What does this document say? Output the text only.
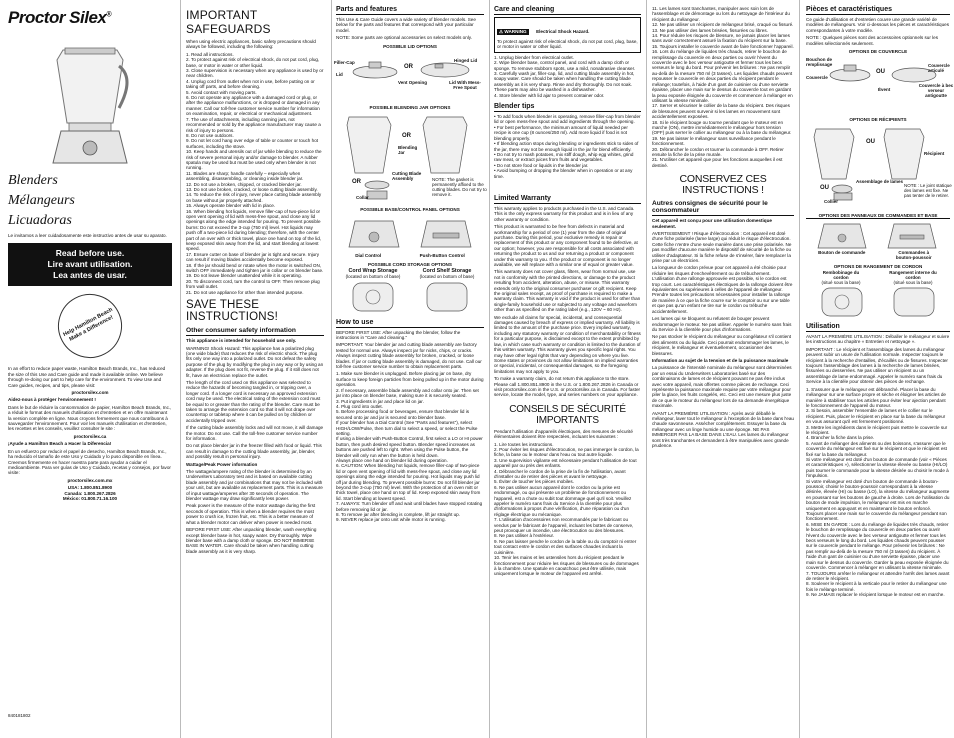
Proctor Silex®
Blenders
Mélangeurs
Licuadoras

Le invitamos a leer cuidadosamente este instructivo antes de usar su aparato.

Read before use.
Lire avant utilisation.
Lea antes de usar.
Help Hamilton Beach Make a Difference!

In an effort to reduce paper waste, Hamilton Beach Brands, Inc., has reduced the size of this Use and Care guide and made it available online. We believe through re-doing our part to help care for the environment. To view Use and Care guides, recipes, and tips, please visit:

proctorsilex.com

Aidez-nous à protéger l'environnement !

Dans le but de réduire la consommation de papier, Hamilton Beach Brands, Inc., a réduit le format des manuels d'utilisation et d'entretien et en offre maintenant la version complète en ligne. Nous croyons fermement que nous contribuons à sauvegarder l'environnement. Pour voir les manuels d'utilisation et d'entretien, les recettes et les conseils, veuillez consulter le site :

proctorsilex.ca

¡Ayude a Hamilton Beach a Hacer la Diferencia!

En un esfuerzo por reducir el papel de desecho, Hamilton Beach Brands, Inc., ha reducido el tamaño de este Uso y Cuidado y lo puso disponible en línea. Creemos firmemente en hacer nuestra parte para ayudar a cuidar el medioambiente. Para ver guías de Uso y Cuidado, recetas y consejos, por favor visite:

proctorsilex.com.mx

USA: 1.800.851.8900

Canada: 1.800.267.2826

México: 01.800.71.16.100

840181802
IMPORTANT SAFEGUARDS

When using electric appliances, basic safety precautions should always be followed, including the following:

1. Read all instructions.

2. To protect against risk of electrical shock, do not put cord, plug, base, or motor in water or other liquid.

3. Close supervision is necessary when any appliance is used by or near children.

4. Unplug cord from outlet when not in use, before putting on or taking off parts, and before cleaning.

5. Avoid contact with moving parts.

6. Do not operate any appliance with a damaged cord or plug, or after the appliance malfunctions, or is dropped or damaged in any manner. Call our toll-free customer service number for information on examination, repair, or electrical or mechanical adjustment.

7. The use of attachments, including canning jars, not recommended or sold by the appliance manufacturer may cause a risk of injury to persons.

8. Do not use outdoors.

9. Do not let cord hang over edge of table or counter or touch hot surfaces, including the stove.

10. Keep hands and utensils out of jar while blending to reduce the risk of severe personal injury and/or damage to blender. A rubber spatula may be used but must be used only when blender is not running.

11. Blades are sharp; handle carefully – especially when assembling, disassembling, or cleaning inside blender jar.

12. Do not use a broken, chipped, or cracked blender jar.

13. Do not use broken, cracked, or loose cutting blade assembly.

14. To reduce the risk of injury, never place cutting blade assembly on base without jar properly attached.

15. Always operate blender with lid in place.

16. When blending hot liquids, remove filler-cap of two-piece lid or open vent opening of lid with mess-free spout, and close any lid openings along the edge intended for pouring. To prevent possible burns: Do not exceed the 3-cup (750 ml) level. Hot liquids may push off a two-piece lid during blending; therefore, with the center part of an over with or thick towel, place one hand on top of the lid, keep exposed skin away from the lid, and start blending at lowest speed.

17. Ensure cutter on base of blender jar is tight and secure. Injury can result if moving blades accidentally become exposed.

18. If the jar should bend or rotate when the motor is switched ON, switch OFF immediately and tighten jar in collar or on blender base.

19. Do not leave blender unattended while it is operating.

20. To disconnect cord, turn the control to OFF. Then remove plug from wall outlet.

21. Do not use appliance for other than intended purpose.

SAVE THESE INSTRUCTIONS!
Other consumer safety information

This appliance is intended for household use only.

WARNING! Shock Hazard: This appliance has a polarized plug (one wide blade) that reduces the risk of electric shock. The plug fits only one way into a polarized outlet. Do not defeat the safety purpose of the plug by modifying the plug in any way or by using an adapter. If the plug does not fit, reverse the plug. If it still does not fit, have an electrician replace the outlet.

The length of the cord used on this appliance was selected to reduce the hazards of becoming tangled in, or tripping over, a longer cord. If a longer cord is necessary an approved extension cord may be used. The electrical rating of the extension cord must be equal to or greater than the rating of the blender. Care must be taken to arrange the extension cord so that it will not drape over countertop or tabletop where it can be pulled on by children or accidentally tripped over.

If the cutting blade assembly locks and will not move, it will damage the motor. Do not use. Call the toll-free customer service number for information.

Do not place blender jar in the freezer filled with food or liquid. This can result in damage to the cutting blade assembly, jar, blender, and possibly result in personal injury.

Wattage/Peak Power information

The wattage/ampere rating of the blender is determined by an Underwriters Laboratory test and is based on available cutting blade assembly and jar combinations that may not be included with your unit, but are available as replacement parts. This is a measure of input wattage/amperes after 30 seconds of operation. The blender wattage may draw significantly less power.

Peak power is the measure of the motor wattage during the first seconds of operation. This is when a blender requires the most power to crush ice, frozen fruit, etc. This is a better measure of what a blender motor can deliver when power is needed most.

BEFORE FIRST USE: After unpacking blender, wash everything except blender base in hot, soapy water. Dry thoroughly. Wipe blender base with a damp cloth or sponge. DO NOT IMMERSE BASE IN WATER. Care should be taken when handling cutting blade assembly as it is very sharp.

Parts and features

This Use & Care Guide covers a wide variety of blender models. See below for the parts and features that correspond with your particular model.

NOTE: Some parts are optional accessories on select models only.

POSSIBLE LID OPTIONS
Filler-Cap
Lid
OR
Hinged Lid
Vent Opening	Lid With Mess-Free Spout
POSSIBLE BLENDING JAR OPTIONS
OR
Blending Jar
Cutting Blade Assembly
OR
Collar
NOTE: The gasket is permanently affixed to the cutting blades. Do not try to remove it.
POSSIBLE BASE/CONTROL PANEL OPTIONS
Dial Control	Push-Button Control
POSSIBLE CORD STORAGE OPTIONS
Cord Wrap Storage
(located on bottom of base)
Cord Shelf Storage
(located on bottom of base)
How to use

BEFORE FIRST USE: After unpacking the blender, follow the instructions in "Care and cleaning."

IMPORTANT: Your blender jar and cutting blade assembly are factory tested for normal use. Always inspect jar for nicks, chips, or cracks. Always inspect cutting blade assembly for broken, cracked, or loose blades. If jar or cutting blade assembly is damaged, do not use. Call our toll-free customer service number to obtain replacement parts.

1. Make sure blender is unplugged. Before placing jar on base, dry surface to keep foreign particles from being pulled up in the motor during operation.

2. If necessary, assemble blade assembly and collar onto jar. Then set jar into place on blender base, making sure it is securely seated.

3. Put ingredients in jar and place lid on jar.

4. Plug cord into outlet.

5. Before processing food or beverages, ensure that blender lid is secured onto jar and jar is secured onto blender base.

If your blender has a Dial Control (See "Parts and features"), select HIGH/LOW/Pulse, then turn dial to select a speed, or select the Pulse setting.

If using a blender with Push-Button Control, first select a LO or HI power button, then push desired speed button. Blender speed increases as buttons are pushed left to right. When using the Pulse button, the blender will only run when the button is held down.

Always place one hand on blender lid during operation.

6. CAUTION: When blending hot liquids, remove filler-cap of two-piece lid or open vent opening of lid with mess-free spout, and close any lid openings along the edge intended for pouring. Hot liquids may push lid off jar during blending. To prevent possible burns: Do not fill blender jar beyond the 3-cup (750 ml) level. With the protection of an oven mitt or thick towel, place one hand on top of lid. Keep exposed skin away from lid. Start blending at lowest speed.

7. ALWAYS: Turn blender off and wait until blades have stopped rotating before removing lid or jar.

8. To remove jar after blending is complete, lift jar straight up.

9. NEVER replace jar onto unit while motor is running.

Care and cleaning
⚠ WARNING Electrical Shock Hazard.

To protect against risk of electrical shock, do not put cord, plug, base, or motor in water or other liquid.

1. Unplug blender from electrical outlet.

2. Wipe blender base, control panel, and cord with a damp cloth or sponge. To remove stubborn spots, use a mild, nonabrasive cleanser.

3. Carefully wash jar, filler-cap, lid, and cutting blade assembly in hot, soapy water. Care should be taken when handling the cutting blade assembly as it is very sharp. Rinse and dry thoroughly. Do not soak. These parts may also be washed in a dishwasher.

4. Store blender with lid ajar to prevent container odor.

Blender tips

• To add foods when blender is operating, remove filler-cap from blender lid or open mess-free spout and add ingredients through the opening.

• For best performance, the minimum amount of liquid needed per recipe is one cup (8 ounces/250 ml). Add more liquid if food is not blending properly.

• If blending action stops during blending or ingredients stick to sides of the jar, there may not be enough liquid in the jar for blend efficiently.

• Do not try to mash potatoes, mix stiff dough, whip egg whites, grind raw meat, or extract juices from fruits and vegetables.

• Do not store food or liquids in the blender jar.

• Avoid bumping or dropping the blender when in operation or at any time.

Limited Warranty

This warranty applies to products purchased in the U.S. and Canada. This is the only express warranty for this product and is in lieu of any other warranty or condition.

This product is warranted to be free from defects in material and workmanship for a period of one (1) year from the date of original purchase. During this period, your exclusive remedy is repair or replacement of this product or any component found to be defective, at our option; however, you are responsible for all costs associated with returning the product to us and our returning a product or component under this warranty to you. If the product or component is no longer available, we will replace with a similar one of equal or greater value.

This warranty does not cover glass, filters, wear from normal use, use not in conformity with the printed directions, or damage to the product resulting from accident, alteration, abuse, or misuse. This warranty extends only to the original consumer purchaser or gift recipient. Keep the original sales receipt, as proof of purchase is required to make a warranty claim. This warranty is void if the product is used for other than single-family household use or subjected to any voltage and waveform other than as specified on the rating label (e.g., 120V ~ 60 Hz).

We exclude all claims for special, incidental, and consequential damages caused by breach of express or implied warranty. All liability is limited to the amount of the purchase price. Every implied warranty, including any statutory warranty or condition of merchantability or fitness for a particular purpose, is disclaimed except to the extent prohibited by law, in which case such warranty or condition is limited to the duration of this written warranty. This warranty gives you specific legal rights. You may have other legal rights that vary depending on where you live. Some states or provinces do not allow limitations on implied warranties or special, incidental, or consequential damages, so the foregoing limitations may not apply to you.

To make a warranty claim, do not return this appliance to the store. Please call 1.800.851.8900 in the U.S. or 1.800.267.2826 in Canada or visit proctorsilex.com in the U.S. or proctorsilex.ca in Canada. For faster service, locate the model, type, and series numbers on your appliance.

CONSEILS DE SÉCURITÉ IMPORTANTS

Pendant l'utilisation d'appareils électriques, des mesures de sécurité élémentaires doivent être respectées, incluant les suivantes :

1. Lire toutes les instructions.

2. Pour éviter les risques d'électrocution, ne pas immerger le cordon, la fiche, la base ou le moteur dans l'eau ou tout autre liquide.

3. Une supervision vigilante est nécessaire pendant l'utilisation de tout appareil par ou près des enfants.

4. Débrancher le cordon de la prise de la fin de l'utilisation, avant d'installer ou de retirer des pièces et avant le nettoyage.

5. Éviter de toucher les pièces mobiles.

6. Ne pas utiliser aucun appareil dont le cordon ou la prise est endommagé, ou qui présente un problème de fonctionnement ou l'appareil, est a chute ou subit tout dommage quel qu'il soit. Veuillez appeler le numéro sans frais du Service à la clientèle pour plus d'informations à propos d'une vérification, d'une réparation ou d'un réglage électrique ou mécanique.

7. L'utilisation d'accessoires non recommandés par le fabricant ou vendus par le fabricant de l'appareil, incluant les bottes de conserve, peut provoquer un incendie, une électrocution ou des blessures.

8. Ne pas utiliser à l'extérieur.

9. Ne pas laisser pendre le cordon de la table ou du comptoir ni entrer tout contact entre le cordon et des surfaces chaudes incluant la cuisinière.

10. Tenir les mains et les ustensiles hors du récipient pendant le fonctionnement pour réduire les risques de blessures ou de dommages à la chambre. Une spatule en caoutchouc peut être utilisée, mais uniquement lorsque le moteur de l'appareil est arrêté.

11. Les lames sont tranchantes, manipuler avec soin lors de l'assemblage et de démontage ou lors du nettoyage de l'intérieur du récipient du mélangeur.

12. Ne pas utiliser un récipient de mélangeur brisé, craqué ou fissuré.

13. Ne pas utiliser des lames brisées, fissurées ou libres.

14. Pour réduire les risques de blessure, ne jamais placer les lames sans avoir correctement assuré la fixation du récipient sur la base.

15. Toujours installer le couvercle avant de faire fonctionner l'appareil.

16. Lors du mélange de liquides très chauds, retirer le bouchon de remplissage du couvercle en deux parties ou ouvrir l'évent du couvercle avec le bec verseur antigoutte et fermer tous les becs verseurs le long du bord. Pour prévenir les brûlures : Ne pas remplir au-delà de la mesure 750 ml (3 tasses). Les liquides chauds peuvent repousser le couvercle en deux parties du récipient pendant le mélange; toutefois, à l'aide d'un gant de cuisinier ou d'une serviette épaisse, placer une main sur le dessus du couvercle tout en gardant la peau exposée éloignée du couvercle et commencer à mélanger en utilisant la vitesse minimale.

17. Serrer et sécuriser le collier de la base du récipient. Des risques de blessures peuvent survenir si les lames en mouvement sont accidentellement exposées.

18. Si le récipient bouge ou tourne pendant que le moteur est en marche (ON), mettre immédiatement le mélangeur hors tension (OFF) puis serrer le collier au mélangeur ou à la base du mélangeur.

19. Ne pas laisser le mélangeur sans surveillance pendant le fonctionnement.

20. Débrancher le cordon et tourner la commande à OFF. Retirer ensuite la fiche de la prise murale.

21. N'utiliser cet appareil que pour les fonctions auxquelles il est destiné.

CONSERVEZ CES INSTRUCTIONS !
Autres consignes de sécurité pour le consommateur

Cet appareil est conçu pour une utilisation domestique seulement.

AVERTISSEMENT ! Risque d'électrocution : Cet appareil est doté d'une fiche polarisée (lame large) qui réduit le risque d'électrocution. Cette fiche n'entre d'une seule manière dans une prise polarisée. Ne pas modifier d'aucune manière le dispositif de sécurité de la fiche ou utiliser d'adaptateur. Si la fiche refuse de s'insérer, faire remplacer la prise par un électricien.

La longueur de cordon prévue pour cet appareil a été choisie pour réduire les risques d'enchevêtrement ou de trébuchement. L'utilisation d'une rallonge approuvée est possible, si le cordon est trop court. Les caractéristiques électriques de la rallonge doivent être équivalentes ou supérieures à celles de l'appareil de mélangeur. Prendre toutes les précautions nécessaires pour installer la rallonge de manière à ce que la fiche courre sur le comptoir ou sur une table et que pas qu'un enfant ne tire sur le cordon ou trébuche accidentellement.

Les lames qui se bloquent ou refusent de bouger peuvent endommager le moteur. Ne pas utiliser. Appeler le numéro sans frais du Service à la clientèle pour plus d'informations.

Ne pas stocker le récipient du mélangeur ou congélateur s'il contient des aliments ou du liquide. Ceci pourrait endommager les lames, le récipient, le mélangeur et éventuellement, occasionner des blessures.

Information au sujet de la tension et de la puissance maximale

La puissance de l'intensité nominale du mélangeur sont déterminées par un essai du Underwriters Laboratories basé sur des combinaisons de lames et de récipient pouvant ne pas être inclus avec votre appareil, mais offertes comme pièces de rechange. Ceci représente la puissance maximale requise par votre mélangeur pour piler la glace, les fruits congelés, etc. Ceci est une mesure plus juste de ce que le moteur du mélangeur lors de sa demande énergétique maximale.

AVANT LA PREMIÈRE UTILISATION : Après avoir déballé le mélangeur, laver tout le mélangeur à l'exception de la base dans l'eau chaude savonneuse. Assécher complètement. Essuyer la base du mélangeur avec un linge humide ou une éponge. NE PAS IMMERGER PAS LA BASE DANS L'EAU. Les lames du mélangeur sont très tranchantes et demandent à être manipulées avec grande prudence.

Pièces et caractéristiques

Ce guide d'utilisation et d'entretien couvre une grande variété de modèles de mélangeurs. Voir ci-dessous les pièces et caractéristiques correspondantes à votre modèle.

NOTE : Quelques pièces sont des accessoires optionnels sur les modèles sélectionnés seulement.

OPTIONS DE COUVERCLE
Bouchon de remplissage
Couvercle
OU
Couvercle articulé
Évent
Couvercle à bec verseur antigoutte
OPTIONS DE RÉCIPIENTS
OU
Récipient
Assemblage de lames
OU
Collier
NOTE : Le joint statique des lames est fixe. Ne pas tenter de le retirer.
OPTIONS DES PANNEAUX DE COMMANDES ET BASE
Bouton de commande	Commandes à bouton-poussoir
OPTIONS DE RANGEMENT DE CORDON
Rembobinage du cordon
(situé sous la base)
Rangement interne du cordon
(situé sous la base)
Utilisation

AVANT LA PREMIÈRE UTILISATION : Déballer le mélangeur et suivre les instructions au chapitre « Entretien et nettoyage ».

IMPORTANT : Le récipient et l'assemblage des lames du mélangeur peuvent subir un usure de l'utilisation normale. Inspecter toujours le récipient à la recherche d'entailles, d'écaillés ou de fissures. Inspecter toujours l'assemblage des lames à la recherche de lames brisées, fissurées ou desserrées. Ne pas utiliser un récipient ou un assemblage de lame endommagé. Appeler le numéro sans frais du Service à la clientèle pour obtenir des pièces de rechange.

1. S'assurer que le mélangeur est débranché. Placer la base du mélangeur sur une surface propre et sèche et éloigner les articles de manière à stabiliser tous les articles pour éviter leur ajection pendant le fonctionnement de l'appareil du moteur.

2. Si besoin, assembler l'ensemble de lames et le collier sur le récipient. Puis, placer le récipient en place sur la base du mélangeur en vous assurant qu'il est fermement positionné.

3. Mettre les ingrédients dans le récipient puis mettre le couvercle sur le récipient.

4. Brancher la fiche dans la prise.

5. Avant de mélanger des aliments ou des boissons, s'assurer que le couvercle du mélangeur est fixé sur le récipient et que le récipient est fixé sur la base du mélangeur.

Si votre mélangeur est doté d'un bouton de commande (voir « Pièces et caractéristiques »), sélectionner la vitesse élevée ou basse (HI/LO) puis tourner le commande pour la vitesse désirée ou choisir le mode à l'impulsion.

Si votre mélangeur est doté d'un bouton de commande à bouton-poussoir, choisir le bouton-poussoir correspondant à la vitesse désirée, élevée (HI) ou basse (LO), la vitesse du mélangeur augmente en poussant sur les boutons de gauche à droite. Lors de l'utilisation du bouton de mode impulsion, le mélangeur est mis en marche uniquement en appuyant et en maintenant le bouton enfoncé.

Toujours placer une main sur le couvercle du mélangeur pendant son fonctionnement.

6. MISE EN GARDE : Lors du mélange de liquides très chauds, retirer le bouchon de remplissage du couvercle en deux parties ou ouvrir l'évent du couvercle avec le bec verseur antigoutte et fermer tous les becs verseurs le long du bord. Les liquides chauds peuvent pousser sur le couvercle pendant le mélange. Pour prévenir les brûlures : Ne pas remplir au-delà de la mesure 750 ml (3 tasses) du récipient. À l'aide d'un gant de cuisinier ou d'une serviette épaisse, placer une main sur le dessus du couvercle. Garder la peau exposée éloignée du couvercle. Commencer à mélanger en utilisant la vitesse minimale.

7. TOUJOURS arrêter le mélangeur et attendre l'arrêt des lames avant de retirer le récipient.

8. Soulever le récipient à la verticale pour le retirer du mélangeur une fois le mélange terminé.

9. Ne JAMAIS replacer le récipient lorsque le moteur est en marche.
